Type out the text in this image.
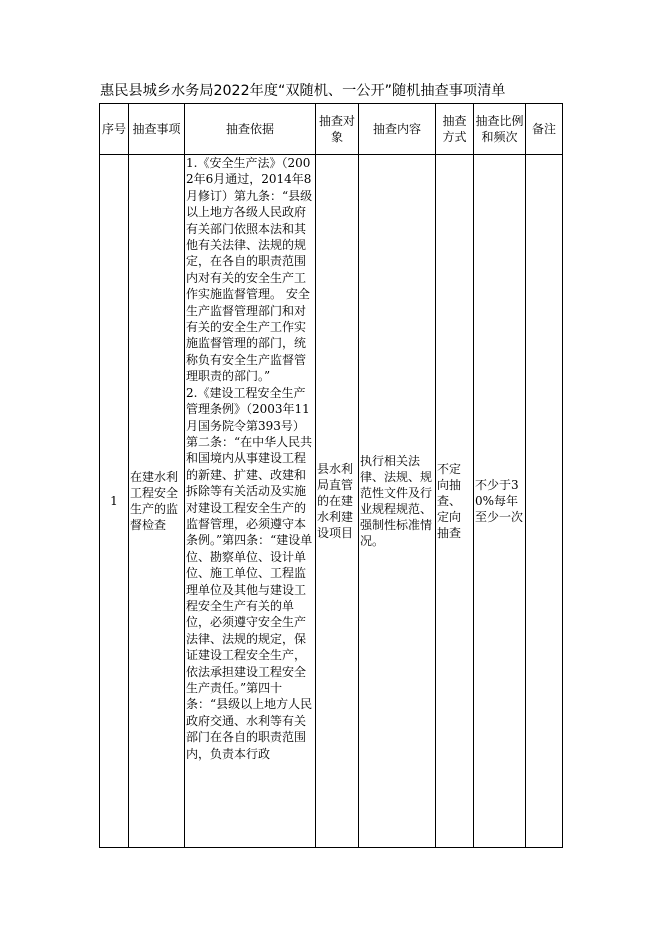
惠民县城乡水务局2022年度“双随机、一公开”随机抽查事项清单
序号	抽查事项	抽查依据	抽查对象	抽查内容	抽查方式	抽查比例和频次	备注
1	在建水利工程安全生产的监督检查	1.《安全生产法》（2002年6月通过，2014年8月修订）第九条：“县级以上地方各级人民政府有关部门依照本法和其他有关法律、法规的规定，在各自的职责范围内对有关的安全生产工作实施监督管理。 安全生产监督管理部门和对有关的安全生产工作实施监督管理的部门，统称负有安全生产监督管理职责的部门。”

2.《建设工程安全生产管理条例》（2003年11月国务院令第393号）第二条：“在中华人民共和国境内从事建设工程的新建、扩建、改建和拆除等有关活动及实施对建设工程安全生产的监督管理，必须遵守本条例。”第四条：“建设单位、勘察单位、设计单位、施工单位、工程监理单位及其他与建设工程安全生产有关的单位，必须遵守安全生产法律、法规的规定，保证建设工程安全生产，依法承担建设工程安全生产责任。”第四十条：“县级以上地方人民政府交通、水利等有关部门在各自的职责范围内，负责本行政	县水利局直管的在建水利建设项目	执行相关法律、法规、规范性文件及行业规程规范、强制性标准情况。	不定向抽查、定向抽查	不少于30%每年至少一次	
